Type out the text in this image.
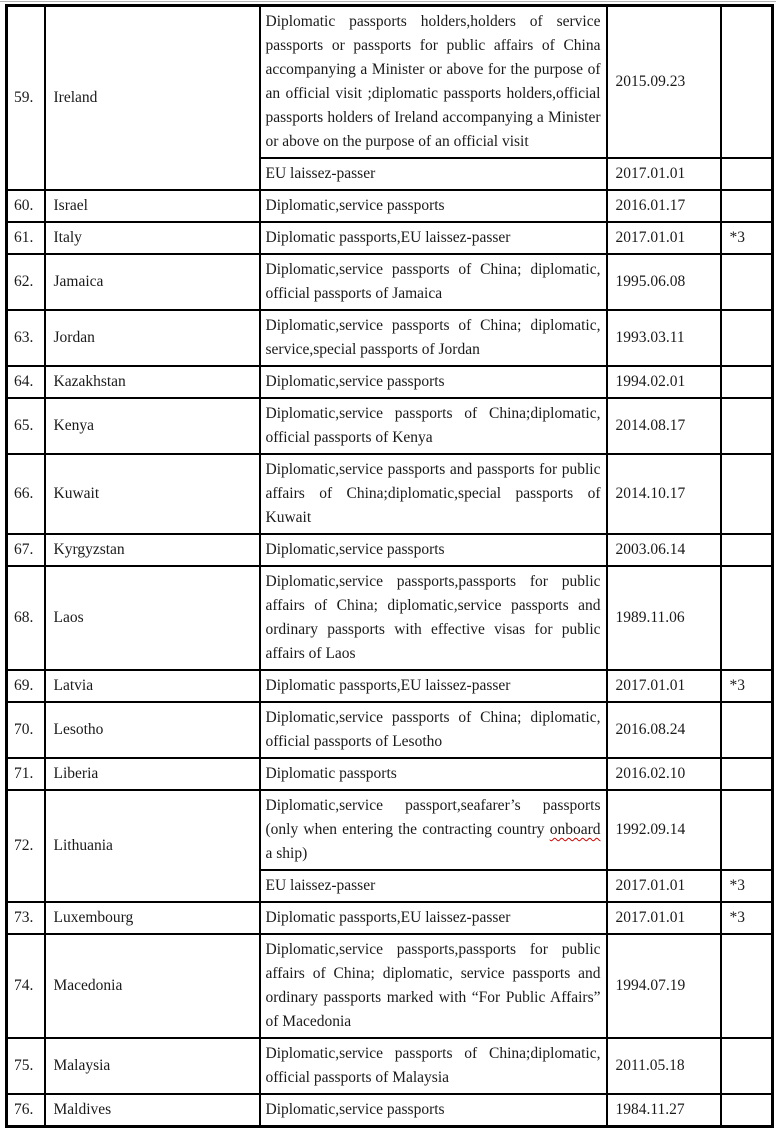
59.	Ireland	Diplomatic passports holders,holders of service passports or passports for public affairs of China accompanying a Minister or above for the purpose of an official visit ;diplomatic passports holders,official passports holders of Ireland accompanying a Minister or above on the purpose of an official visit	2015.09.23	
		EU laissez-passer	2017.01.01	
60.	Israel	Diplomatic,service passports	2016.01.17	
61.	Italy	Diplomatic passports,EU laissez-passer	2017.01.01	*3
62.	Jamaica	Diplomatic,service passports of China; diplomatic, official passports of Jamaica	1995.06.08	
63.	Jordan	Diplomatic,service passports of China; diplomatic, service,special passports of Jordan	1993.03.11	
64.	Kazakhstan	Diplomatic,service passports	1994.02.01	
65.	Kenya	Diplomatic,service passports of China;diplomatic, official passports of Kenya	2014.08.17	
66.	Kuwait	Diplomatic,service passports and passports for public affairs of China;diplomatic,special passports of Kuwait	2014.10.17	
67.	Kyrgyzstan	Diplomatic,service passports	2003.06.14	
68.	Laos	Diplomatic,service passports,passports for public affairs of China; diplomatic,service passports and ordinary passports with effective visas for public affairs of Laos	1989.11.06	
69.	Latvia	Diplomatic passports,EU laissez-passer	2017.01.01	*3
70.	Lesotho	Diplomatic,service passports of China; diplomatic, official passports of Lesotho	2016.08.24	
71.	Liberia	Diplomatic passports	2016.02.10	
72.	Lithuania	Diplomatic,service passport,seafarer’s passports (only when entering the contracting country onboard a ship)	1992.09.14	
		EU laissez-passer	2017.01.01	*3
73.	Luxembourg	Diplomatic passports,EU laissez-passer	2017.01.01	*3
74.	Macedonia	Diplomatic,service passports,passports for public affairs of China; diplomatic, service passports and ordinary passports marked with “For Public Affairs” of Macedonia	1994.07.19	
75.	Malaysia	Diplomatic,service passports of China;diplomatic, official passports of Malaysia	2011.05.18	
76.	Maldives	Diplomatic,service passports	1984.11.27	
